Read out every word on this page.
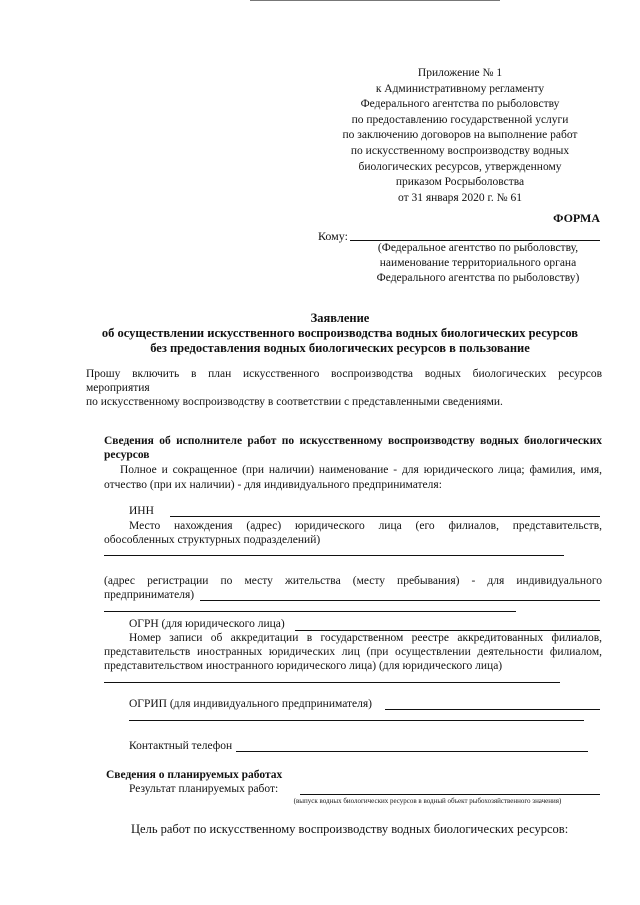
Приложение № 1
к Административному регламенту
Федерального агентства по рыболовству
по предоставлению государственной услуги
по заключению договоров на выполнение работ
по искусственному воспроизводству водных
биологических ресурсов, утвержденному
приказом Росрыболовства
от 31 января 2020 г. № 61
ФОРМА
Кому:
(Федеральное агентство по рыболовству,
наименование территориального органа
Федерального агентства по рыболовству)
Заявление
об осуществлении искусственного воспроизводства водных биологических ресурсов
без предоставления водных биологических ресурсов в пользование
Прошу включить в план искусственного воспроизводства водных биологических ресурсов
мероприятия
по искусственному воспроизводству в соответствии с представленными сведениями.
Сведения об исполнителе работ по искусственному воспроизводству водных биологических
ресурсов
Полное и сокращенное (при наличии) наименование - для юридического лица; фамилия, имя,
отчество (при их наличии) - для индивидуального предпринимателя:
ИНН
Место нахождения (адрес) юридического лица (его филиалов, представительств,
обособленных структурных подразделений)
(адрес регистрации по месту жительства (месту пребывания) - для индивидуального
предпринимателя)
ОГРН (для юридического лица)
Номер записи об аккредитации в государственном реестре аккредитованных филиалов,
представительств иностранных юридических лиц (при осуществлении деятельности филиалом,
представительством иностранного юридического лица) (для юридического лица)
ОГРИП (для индивидуального предпринимателя)
Контактный телефон
Сведения о планируемых работах
Результат планируемых работ:
(выпуск водных биологических ресурсов в водный объект рыбохозяйственного значения)
Цель работ по искусственному воспроизводству водных биологических ресурсов:
